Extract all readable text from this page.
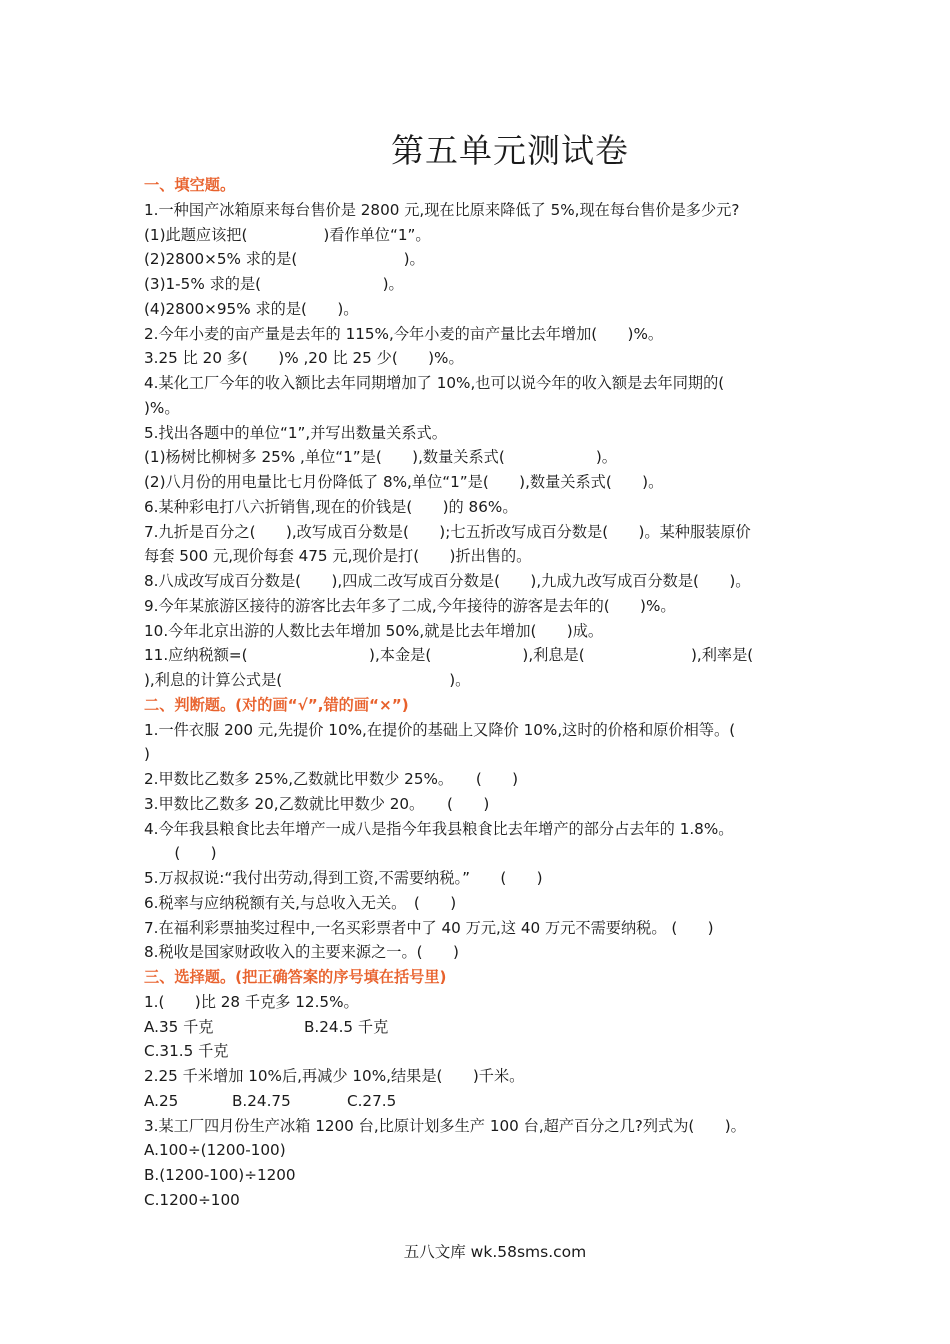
第五单元测试卷
一、填空题。
1.一种国产冰箱原来每台售价是 2800 元,现在比原来降低了 5%,现在每台售价是多少元?
(1)此题应该把(　　　　　)看作单位“1”。
(2)2800×5% 求的是(　　　　　　　)。
(3)1-5% 求的是(　　　　　　　　)。
(4)2800×95% 求的是(　　)。
2.今年小麦的亩产量是去年的 115%,今年小麦的亩产量比去年增加(　　)%。
3.25 比 20 多(　　)% ,20 比 25 少(　　)%。
4.某化工厂今年的收入额比去年同期增加了 10%,也可以说今年的收入额是去年同期的(
)%。
5.找出各题中的单位“1”,并写出数量关系式。
(1)杨树比柳树多 25% ,单位“1”是(　　),数量关系式(　　　　　　)。
(2)八月份的用电量比七月份降低了 8%,单位“1”是(　　),数量关系式(　　)。
6.某种彩电打八六折销售,现在的价钱是(　　)的 86%。
7.九折是百分之(　　),改写成百分数是(　　);七五折改写成百分数是(　　)。某种服装原价
每套 500 元,现价每套 475 元,现价是打(　　)折出售的。
8.八成改写成百分数是(　　),四成二改写成百分数是(　　),九成九改写成百分数是(　　)。
9.今年某旅游区接待的游客比去年多了二成,今年接待的游客是去年的(　　)%。
10.今年北京出游的人数比去年增加 50%,就是比去年增加(　　)成。
11.应纳税额=(　　　　　　　　),本金是(　　　　　　),利息是(　　　　　　　),利率是(
),利息的计算公式是(　　　　　　　　　　　)。
二、判断题。(对的画“√”,错的画“×”)
1.一件衣服 200 元,先提价 10%,在提价的基础上又降价 10%,这时的价格和原价相等。(
)
2.甲数比乙数多 25%,乙数就比甲数少 25%。　　(　　)
3.甲数比乙数多 20,乙数就比甲数少 20。　　(　　)
4.今年我县粮食比去年增产一成八是指今年我县粮食比去年增产的部分占去年的 1.8%。
　　(　　)
5.万叔叔说:“我付出劳动,得到工资,不需要纳税。”　　(　　)
6.税率与应纳税额有关,与总收入无关。　(　　)
7.在福利彩票抽奖过程中,一名买彩票者中了 40 万元,这 40 万元不需要纳税。 (　　)
8.税收是国家财政收入的主要来源之一。(　　)
三、选择题。(把正确答案的序号填在括号里)
1.(　　)比 28 千克多 12.5%。
A.35 千克	B.24.5 千克
C.31.5 千克
2.25 千米增加 10%后,再减少 10%,结果是(　　)千米。
A.25	B.24.75	C.27.5
3.某工厂四月份生产冰箱 1200 台,比原计划多生产 100 台,超产百分之几?列式为(　　)。
A.100÷(1200-100)
B.(1200-100)÷1200
C.1200÷100
五八文库 wk.58sms.com
